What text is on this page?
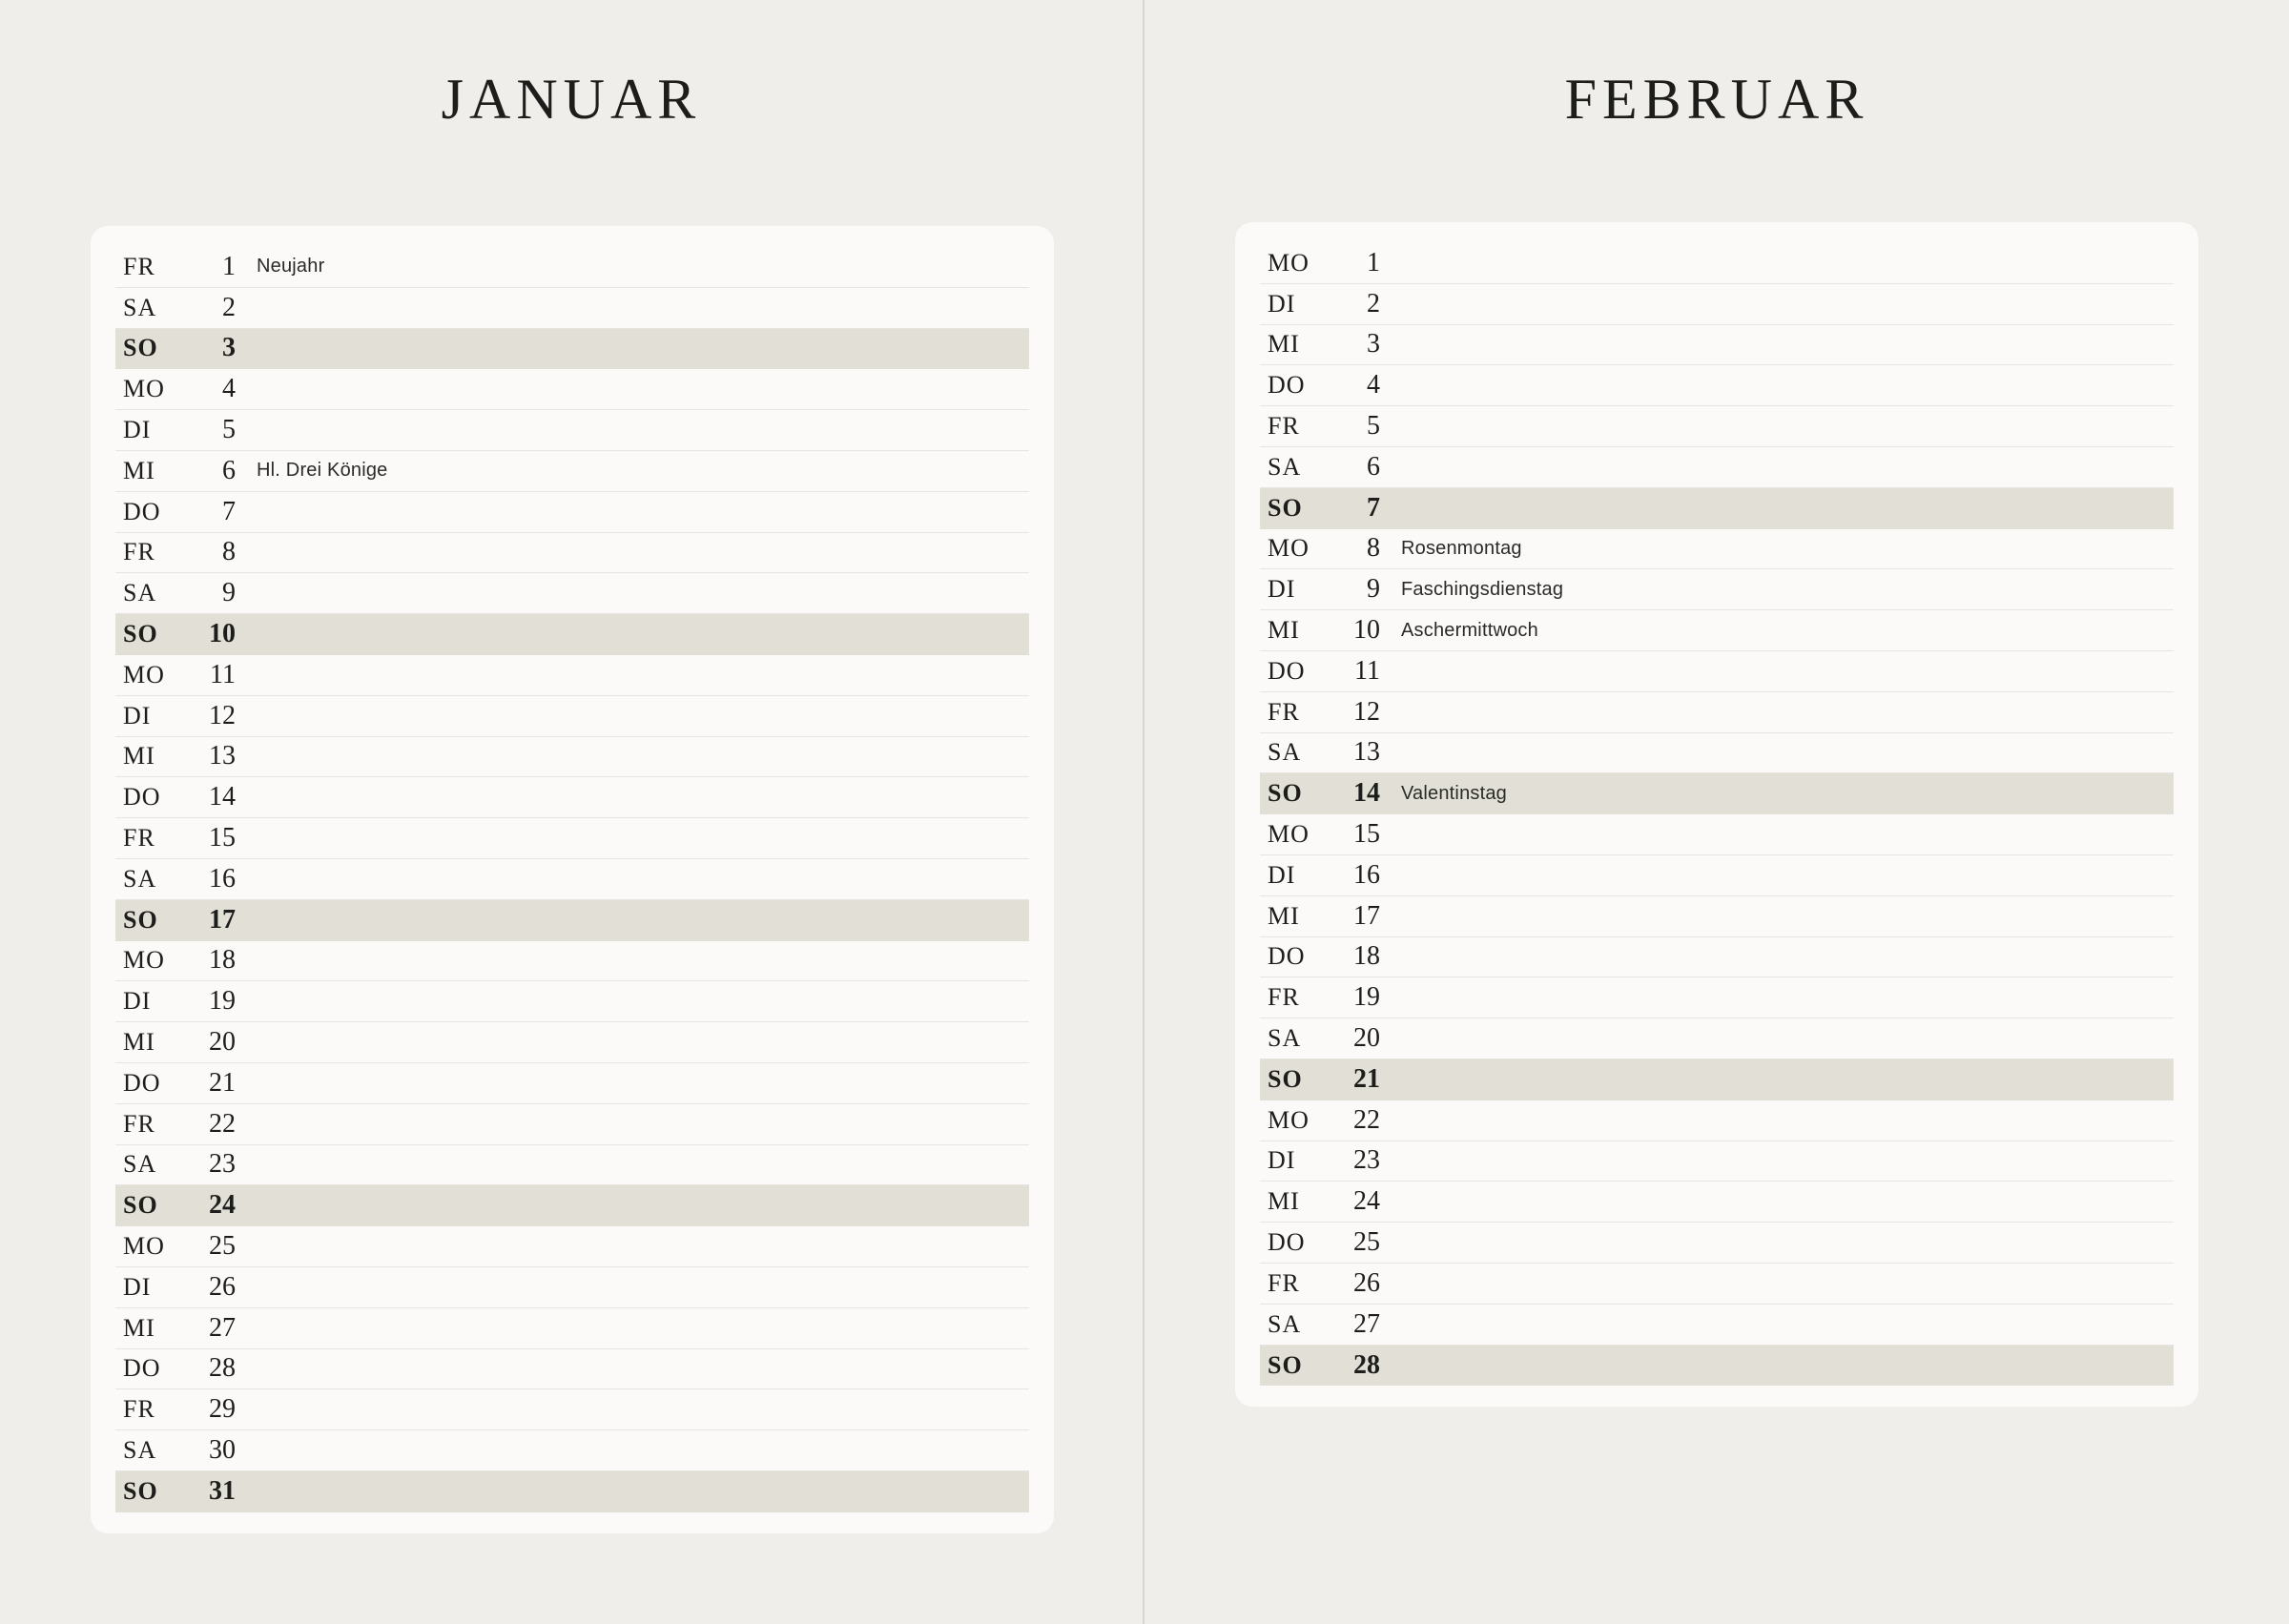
JANUAR
FR	1	Neujahr
SA	2
SO	3
MO	4
DI	5
MI	6	Hl. Drei Könige
DO	7
FR	8
SA	9
SO	10
MO	11
DI	12
MI	13
DO	14
FR	15
SA	16
SO	17
MO	18
DI	19
MI	20
DO	21
FR	22
SA	23
SO	24
MO	25
DI	26
MI	27
DO	28
FR	29
SA	30
SO	31
FEBRUAR
MO	1
DI	2
MI	3
DO	4
FR	5
SA	6
SO	7
MO	8	Rosenmontag
DI	9	Faschingsdienstag
MI	10	Aschermittwoch
DO	11
FR	12
SA	13
SO	14	Valentinstag
MO	15
DI	16
MI	17
DO	18
FR	19
SA	20
SO	21
MO	22
DI	23
MI	24
DO	25
FR	26
SA	27
SO	28
